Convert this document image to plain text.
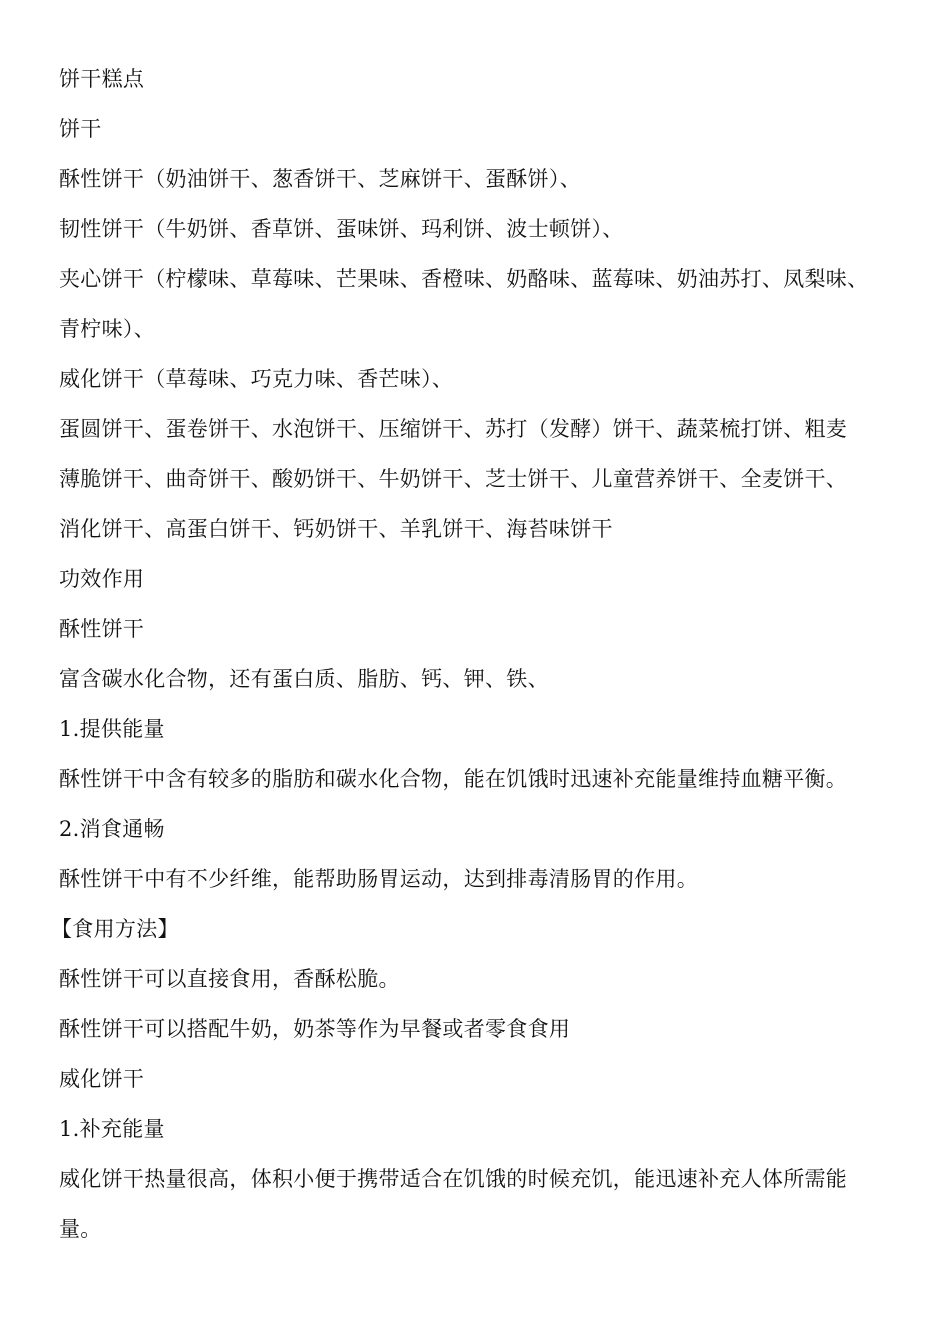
饼干糕点
饼干
酥性饼干（奶油饼干、葱香饼干、芝麻饼干、蛋酥饼）、
韧性饼干（牛奶饼、香草饼、蛋味饼、玛利饼、波士顿饼）、
夹心饼干（柠檬味、草莓味、芒果味、香橙味、奶酪味、蓝莓味、奶油苏打、凤梨味、
青柠味）、
威化饼干（草莓味、巧克力味、香芒味）、
蛋圆饼干、蛋卷饼干、水泡饼干、压缩饼干、苏打（发酵）饼干、蔬菜梳打饼、粗麦
薄脆饼干、曲奇饼干、酸奶饼干、牛奶饼干、芝士饼干、儿童营养饼干、全麦饼干、
消化饼干、高蛋白饼干、钙奶饼干、羊乳饼干、海苔味饼干
功效作用
酥性饼干
富含碳水化合物，还有蛋白质、脂肪、钙、钾、铁、
1.提供能量
酥性饼干中含有较多的脂肪和碳水化合物，能在饥饿时迅速补充能量维持血糖平衡。
2.消食通畅
酥性饼干中有不少纤维，能帮助肠胃运动，达到排毒清肠胃的作用。
【食用方法】
酥性饼干可以直接食用，香酥松脆。
酥性饼干可以搭配牛奶，奶茶等作为早餐或者零食食用
威化饼干
1.补充能量
威化饼干热量很高，体积小便于携带适合在饥饿的时候充饥，能迅速补充人体所需能
量。
